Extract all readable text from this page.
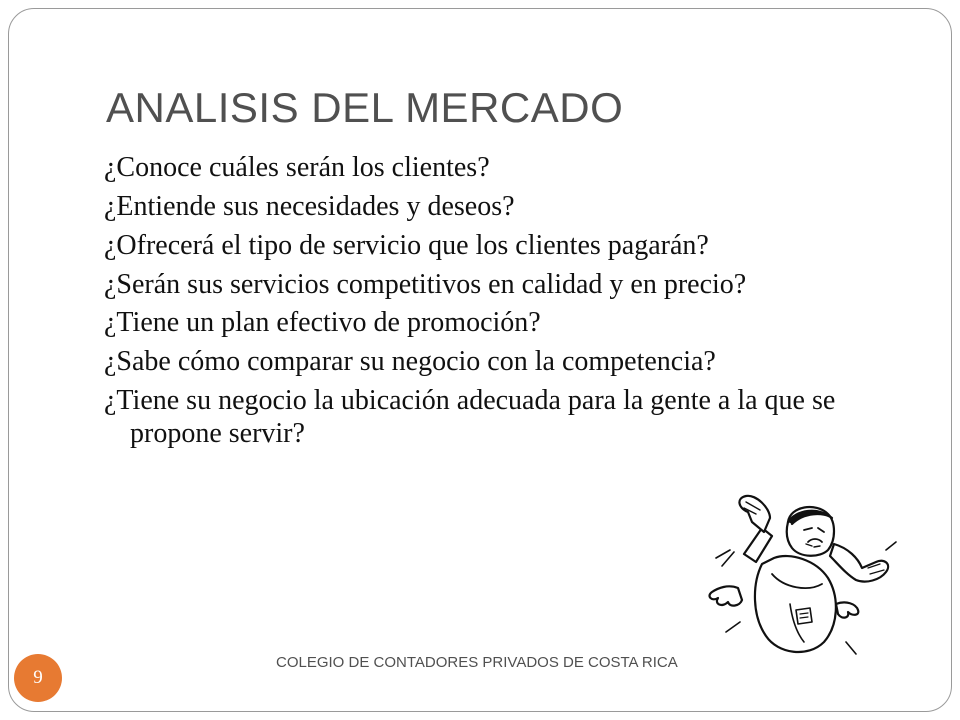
ANALISIS DEL MERCADO
¿Conoce cuáles serán los clientes?
¿Entiende sus necesidades y deseos?
¿Ofrecerá el tipo de servicio que los clientes pagarán?
¿Serán sus servicios competitivos en calidad y en precio?
¿Tiene un plan efectivo de promoción?
¿Sabe cómo comparar su negocio con la competencia?
¿Tiene su negocio la ubicación adecuada para la gente a la que se propone servir?
COLEGIO DE CONTADORES PRIVADOS DE COSTA RICA
9
